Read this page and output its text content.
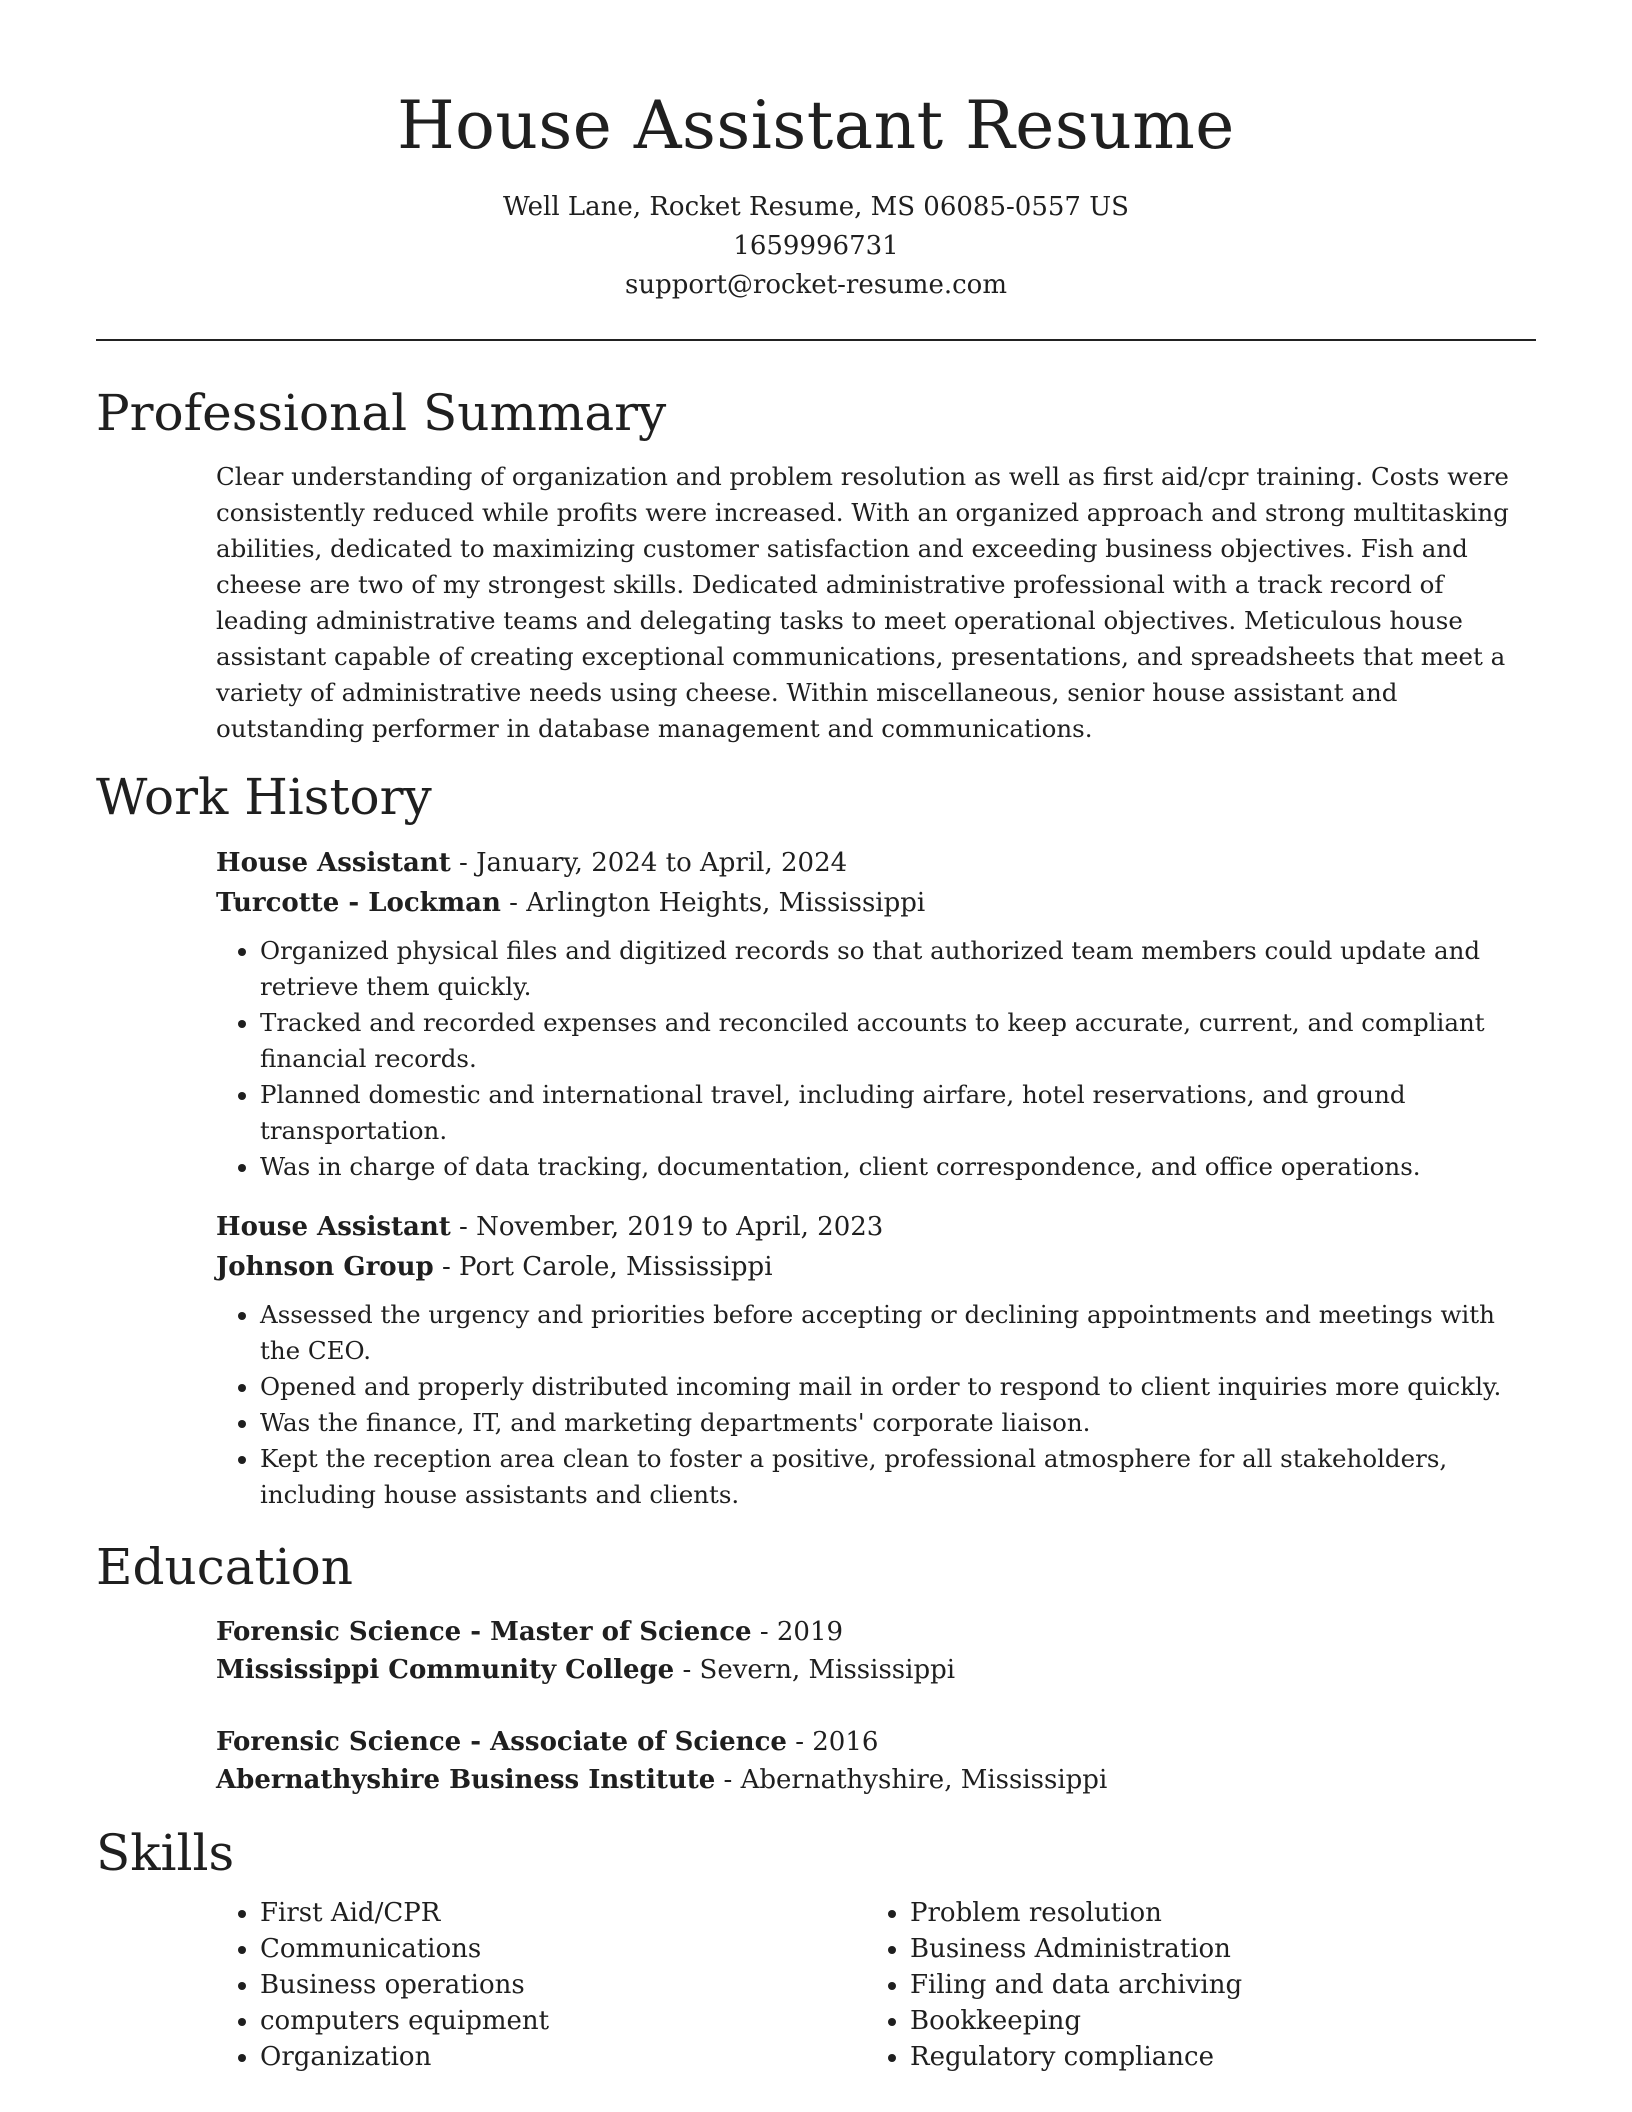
House Assistant Resume
Well Lane, Rocket Resume, MS 06085-0557 US
1659996731
support@rocket-resume.com
Professional Summary
Clear understanding of organization and problem resolution as well as first aid/cpr training. Costs were consistently reduced while profits were increased. With an organized approach and strong multitasking abilities, dedicated to maximizing customer satisfaction and exceeding business objectives. Fish and cheese are two of my strongest skills. Dedicated administrative professional with a track record of leading administrative teams and delegating tasks to meet operational objectives. Meticulous house assistant capable of creating exceptional communications, presentations, and spreadsheets that meet a variety of administrative needs using cheese. Within miscellaneous, senior house assistant and outstanding performer in database management and communications.
Work History
House Assistant - January, 2024 to April, 2024
Turcotte - Lockman - Arlington Heights, Mississippi
• Organized physical files and digitized records so that authorized team members could update and retrieve them quickly.
• Tracked and recorded expenses and reconciled accounts to keep accurate, current, and compliant financial records.
• Planned domestic and international travel, including airfare, hotel reservations, and ground transportation.
• Was in charge of data tracking, documentation, client correspondence, and office operations.
House Assistant - November, 2019 to April, 2023
Johnson Group - Port Carole, Mississippi
• Assessed the urgency and priorities before accepting or declining appointments and meetings with the CEO.
• Opened and properly distributed incoming mail in order to respond to client inquiries more quickly.
• Was the finance, IT, and marketing departments' corporate liaison.
• Kept the reception area clean to foster a positive, professional atmosphere for all stakeholders, including house assistants and clients.
Education
Forensic Science - Master of Science - 2019
Mississippi Community College - Severn, Mississippi
Forensic Science - Associate of Science - 2016
Abernathyshire Business Institute - Abernathyshire, Mississippi
Skills
• First Aid/CPR
• Communications
• Business operations
• computers equipment
• Organization
• Problem resolution
• Business Administration
• Filing and data archiving
• Bookkeeping
• Regulatory compliance
